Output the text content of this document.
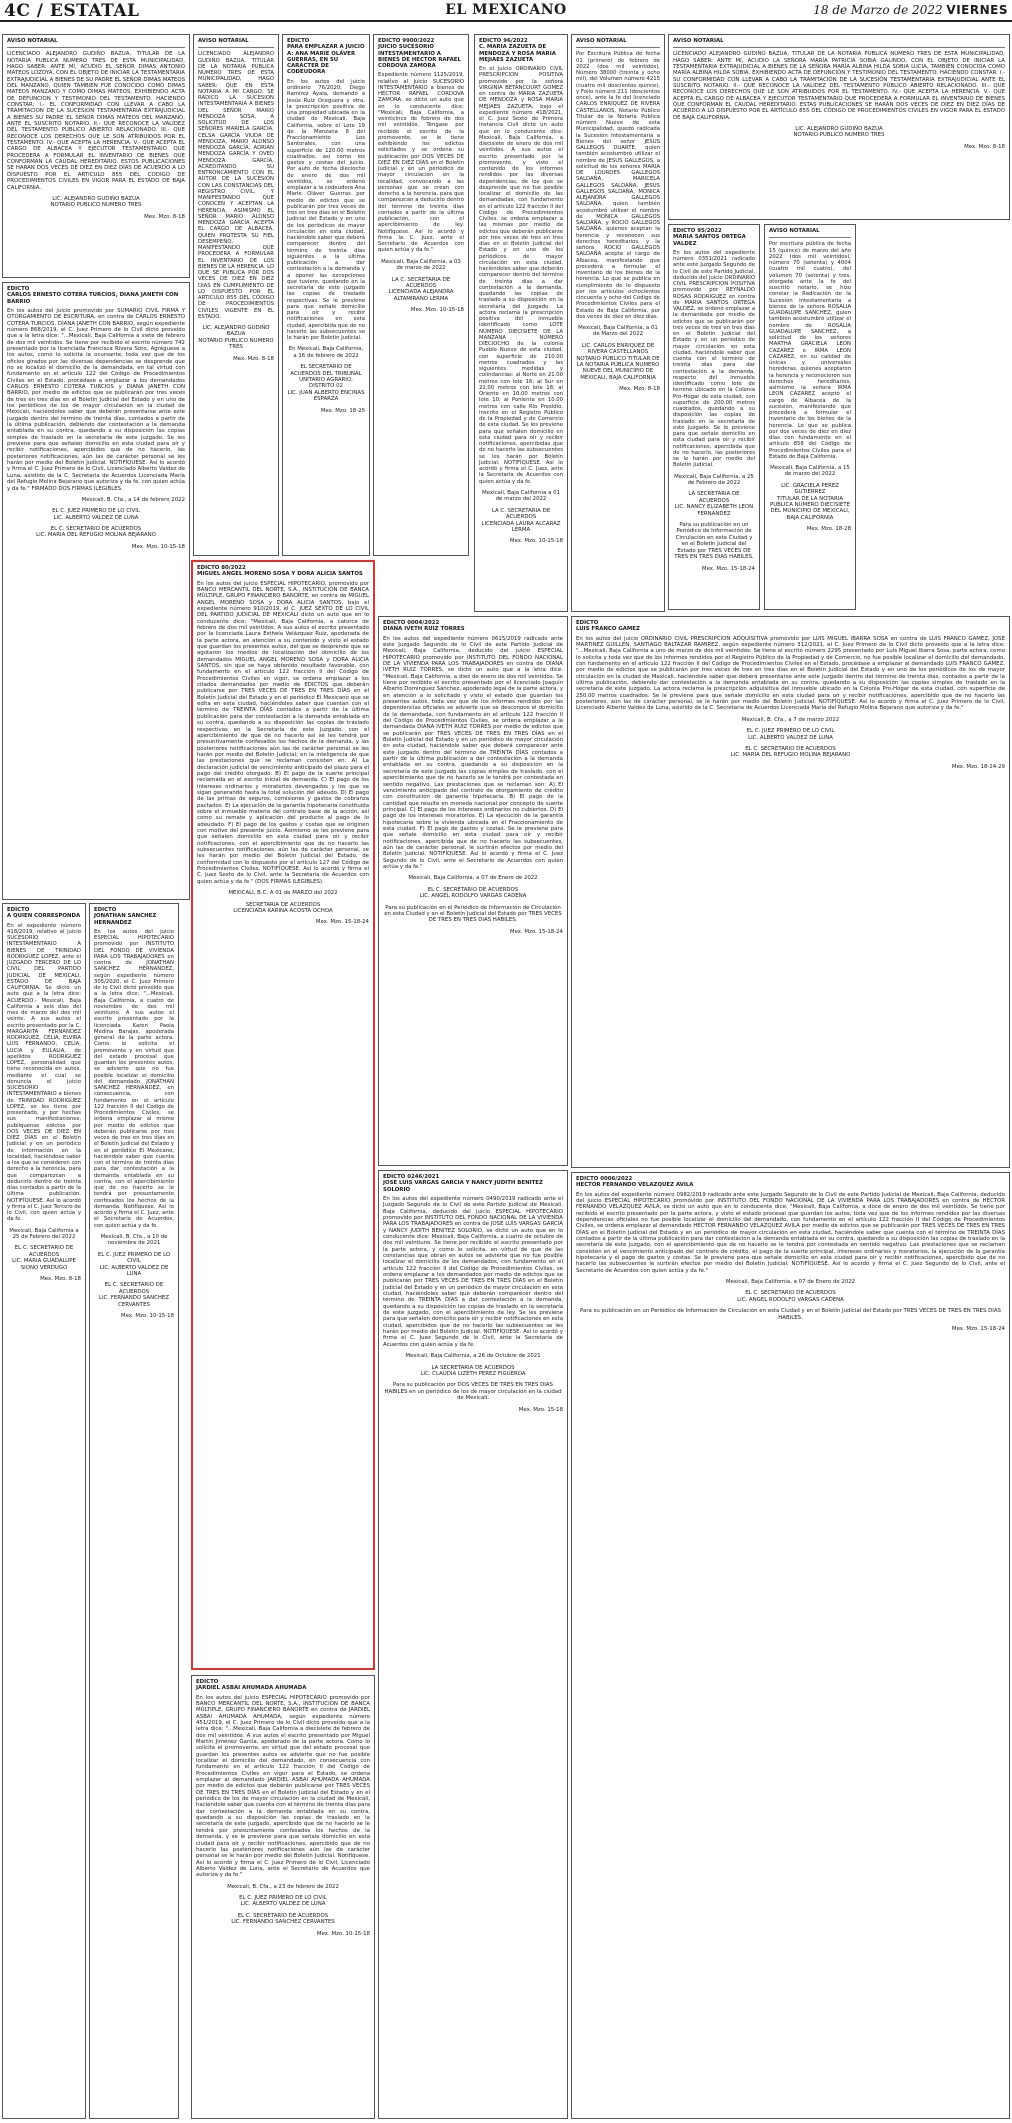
4C / ESTATAL	EL MEXICANO	18 de Marzo de 2022 VIERNES
AVISO NOTARIAL
LICENCIADO ALEJANDRO GUDIÑO BAZUA, TITULAR DE LA NOTARIA PUBLICA NUMERO TRES DE ESTA MUNICIPALIDAD, HAGO SABER: ANTE MI, ACUDIO EL SEÑOR DIMAS ANTONIO MATEOS LOZOYA, CON EL OBJETO DE INICIAR LA TESTAMENTARIA EXTRAJUDICIAL A BIENES DE SU PADRE EL SEÑOR DIMAS MATEOS DEL MANZANO, QUIEN TAMBIEN FUE CONOCIDO COMO DIMAS MATEOS MANZANO Y COMO DIMAS MATEOS, EXHIBIENDO ACTA DE DEFUNCION Y TESTIMONIO DEL TESTAMENTO. HACIENDO CONSTAR: I.- EL CONFORMIDAD CON LLEVAR A CABO LA TRAMITACION DE LA SUCESION TESTAMENTARIA EXTRAJUDICIAL A BIENES SU PADRE EL SEÑOR DIMAS MATEOS DEL MANZANO, ANTE EL SUSCRITO NOTARIO. II.- QUE RECONOCE LA VALIDEZ DEL TESTAMENTO PÚBLICO ABIERTO RELACIONADO. III.- QUE RECONOCE LOS DERECHOS QUE LE SON ATRIBUIDOS POR EL TESTAMENTO. IV.- QUE ACEPTA LA HERENCIA. V.- QUE ACEPTA EL CARGO DE ALBACEA Y EJECUTOR TESTAMENTARIO QUE PROCEDERA A FORMULAR EL INVENTARIO DE BIENES QUE CONFORMAN LA CAUDAL HEREDITARIO. ESTOS PUBLICACIONES SE HARAN DOS VECES DE DIEZ EN DIEZ DÍAS DE ACUERDO A LO DISPUESTO POR EL ARTICULO 855 DEL CODIGO DE PROCEDIMIENTOS CIVILES EN VIGOR PARA EL ESTADO DE BAJA CALIFORNIA.
LIC. ALEJANDRO GUDIÑO BAZUA
NOTARIO PUBLICO NUMERO TRES
Mex. Mzo. 8-18
EDICTO
CARLOS ERNESTO COTERA TURCIOS, DIANA JANETH CON BARRIO
En los autos del juicio promovido por SUMARIO CIVIL FIRMA Y OTORGAMIENTO DE ESCRITURA, en contra de CARLOS ERNESTO COTERA TURCIOS, DIANA JANETH CON BARRIO, según expediente número 868/2019, el C. Juez Primero de lo Civil dictó proveído que a la letra dice: "...Mexicali, Baja California a siete de febrero de dos mil veintidós. Se tiene por recibido el escrito número 742 presentado por la licenciada Francisca Rivera Soto, Agréguese a los autos, como lo solicita la ocursante, toda vez que de los oficios girados por las diversas dependencias se desprende que no se localizó el domicilio de la demandada, en tal virtud con fundamento en el artículo 122 del Código de Procedimientos Civiles en el Estado, procédase a emplazar a los demandados CARLOS ERNESTO COTERA TURCIOS y DIANA JANETH CON BARRIO, por medio de edictos que se publicarán por tres veces de tres en tres días en el Boletín Judicial del Estado y en uno de los periódicos de los de mayor circulación en la ciudad de Mexicali, haciéndoles saber que deberán presentarse ante este juzgado dentro del término de treinta días, contados a partir de la última publicación, debiendo dar contestación a la demanda entablada en su contra, quedando a su disposición las copias simples de traslado en la secretaria de este juzgado. Se les previene para que señalen domicilio en esta ciudad para oír y recibir notificaciones, apercibidos que de no hacerlo, las posteriores notificaciones, aún las de carácter personal se les harán por medio del Boletín Judicial. NOTIFÍQUESE. Así lo acordó y firma el C. Juez Primero de lo Civil, Licenciado Alberto Valdez de Luna, asistido de la C. Secretaria de Acuerdos Licenciada María del Refugio Molina Bejarano que autoriza y da fe, con quien actúa y da fe." FIRMADO DOS FIRMAS ILEGIBLES.
Mexicali, B. Cfa., a 14 de febrero 2022
EL C. JUEZ PRIMERO DE LO CIVIL
LIC. ALBERTO VALDEZ DE LUNA
EL C. SECRETARIO DE ACUERDOS
LIC. MARIA DEL REFUGIO MOLINA BEJARANO
Mex. Mzo. 10-15-18
EDICTO
A QUIEN CORRESPONDA
En el expediente número 418/2019, relativo al juicio SUCESORIO INTESTAMENTARIO A BIENES DE TRINIDAD RODRIGUEZ LOPEZ, ante el JUZGADO TERCERO DE LO CIVIL DEL PARTIDO JUDICIAL DE MEXICALI, ESTADO DE BAJA CALIFORNIA. Se dictó un auto que a la letra dice: ACUERDO.- Mexicali, Baja California a seis días del mes de marzo del dos mil veinte. A sus autos el escrito presentado por la C. MARGARITA FERNANDEZ RODRIGUEZ, CELIA, ELVIRA LUIS FERNANDO, CELIA, LUCIA y EULALIA, de apellidos RODRIGUEZ LOPEZ, personalidad que tiene reconocida en autos, mediante el cual se denuncia el juicio SUCESORIO INTESTAMENTARIO a bienes de TRINIDAD RODRIGUEZ LOPEZ, se les tiene por presentado, y por hechas sus manifestaciones, publíquense edictos por DOS VECES DE DIEZ EN DIEZ DÍAS en el Boletín Judicial y en un periódico de información en la localidad, haciéndose saber a los que se consideren con derecho a la herencia, para que comparezcan a deducirlo dentro de treinta días contados a partir de la última publicación. NOTIFÍQUESE. Así lo acordó y firma el C. Juez Tercero de lo Civil, con quien actúa y da fe.
Mexicali, Baja California a 25 de Febrero del 2022
EL C. SECRETARIO DE ACUERDOS
LIC. MARIA GUADALUPE SIONO VERDUGO
Mex. Mzo. 8-18
AVISO NOTARIAL
LICENCIADO ALEJANDRO GUDIÑO BAZUA, TITULAR DE LA NOTARIA PUBLICA NUMERO TRES DE ESTA MUNICIPALIDAD, HAGO SABER: QUE EN ESTA NOTARIA A MI CARGO, SE RADICO LA SUCESION INTESTAMENTARIA A BIENES DEL SEÑOR MARIO MENDOZA SOSA, A SOLICITUD DE LOS SEÑORES MARIELA GARCÍA, CELSA GARCÍA VIUDA DE MENDOZA, MARIO ALONSO MENDOZA GARCÍA, ADRIAN MENDOZA GARCÍA Y OVED MENDOZA GARCÍA, ACREDITANDO SU ENTRONCAMIENTO CON EL AUTOR DE LA SUCESIÓN CON LAS CONSTANCIAS DEL REGISTRO CIVIL, Y MANIFESTANDO QUE CONOCEN Y ACEPTAN LA HERENCIA, ASIMISMO EL SEÑOR MARIO ALONSO MENDOZA GARCÍA ACEPTA EL CARGO DE ALBACEA, QUIEN PROTESTA SU FIEL DESEMPEÑO, MANIFESTANDO QUE PROCEDERA A FORMULAR EL INVENTARIO DE LOS BIENES DE LA HERENCIA. LO QUE SE PUBLICA POR DOS VECES DE DIEZ EN DIEZ DIAS EN CUMPLIMIENTO DE LO DISPUESTO POR EL ARTICULO 855 DEL CÓDIGO DE PROCEDIMIENTOS CIVILES VIGENTE EN EL ESTADO.
LIC. ALEJANDRO GUDIÑO BAZUA
NOTARIO PUBLICO NUMERO TRES
Mex. Mzo. 8-18
EDICTO
JONATHAN SANCHEZ HERNANDEZ
En los autos del juicio ESPECIAL HIPOTECARIO promovido por INSTITUTO DEL FONDO DE VIVIENDA PARA LOS TRABAJADORES en contra de JONATHAN SANCHEZ HERNANDEZ, según expediente número 305/2020, el C. Juez Primero de lo Civil dictó proveído que a la letra dice: "...Mexicali, Baja California, a cuatro de noviembre de dos mil veintiuno. A sus autos el escrito presentado por la licenciada Karen Paola Medina Barajas, apoderada general de la parte actora. Como lo solicita el promovente y en virtud que del estado procesal que guardan los presentes autos, se advierte que no fue posible localizar el domicilio del demandado JONATHAN SANCHEZ HERNANDEZ, en consecuencia, con fundamento en el artículo 122 fracción II del Código de Procedimientos Civiles, se ordena emplazar al mismo por medio de edictos que deberán publicarse por tres veces de tres en tres días en el Boletín Judicial del Estado y en el periódico El Mexicano, haciéndole saber que cuenta con el término de treinta días para dar contestación a la demanda entablada en su contra, con el apercibimiento que de no hacerlo se le tendrá por presuntamente confesados los hechos de la demanda. Notifíquese. Así lo acordó y firma el C. Juez, ante el Secretario de Acuerdos, con quien actúa y da fe.
Mexicali, B. Cfa., a 10 de noviembre de 2021
EL C. JUEZ PRIMERO DE LO CIVIL
LIC. ALBERTO VALDEZ DE LUNA
EL C. SECRETARIO DE ACUERDOS
LIC. FERNANDO SANCHEZ CERVANTES
Mex. Mzo. 10-15-18
EDICTO
PARA EMPLAZAR A JUICIO A: ANA MARIE OLÁVER GUERRAS, EN SU CARÁCTER DE CODEUDORA
En los autos del juicio ordinario 76/2020, Diego Ramírez Ayala, demandó a Jesús Ruiz Oceguera y otra, la prescripción positiva de una propiedad ubicada en la ciudad de Mexicali, Baja California, sobre el Lote 19 de la Manzana 8 del Fraccionamiento Los Santorales, con una superficie de 120.00 metros cuadrados, así como los gastos y costas del juicio. Por auto de fecha dieciocho de enero de dos mil veintidós, se ordenó emplazar a la codeudora Ana Marie Oláver Guerras por medio de edictos que se publicarán por tres veces de tres en tres días en el Boletín Judicial del Estado y en uno de los periódicos de mayor circulación en esta ciudad, haciéndole saber que deberá comparecer dentro del término de treinta días siguientes a la última publicación a dar contestación a la demanda y a oponer las excepciones que tuviere, quedando en la secretaría de este juzgado las copias de traslado respectivas. Se le previene para que señale domicilio para oír y recibir notificaciones en esta ciudad, apercibida que de no hacerlo las subsecuentes se le harán por Boletín Judicial.
En Mexicali, Baja California, a 16 de febrero de 2022
EL SECRETARIO DE ACUERDOS DEL TRIBUNAL UNITARIO AGRARIO, DISTRITO 02
LIC. JUAN ALBERTO ENCINAS ESPARZA
Mex. Mzo. 18-25
EDICTO 9900/2022
JUICIO SUCESORIO INTESTAMENTARIO A BIENES DE HECTOR RAFAEL CORDOVA ZAMORA
Expediente número 1125/2019, relativo al juicio SUCESORIO INTESTAMENTARIO a bienes de HECTOR RAFAEL CORDOVA ZAMORA, se dictó un auto que en lo conducente dice: "Mexicali, Baja California, a veinticinco de febrero de dos mil veintidós. Téngase por recibido el escrito de la promovente, se le tiene exhibiendo los edictos solicitados y se ordena su publicación por DOS VECES DE DIEZ EN DIEZ DÍAS en el Boletín Judicial y en un periódico de mayor circulación en la localidad, convocando a las personas que se crean con derecho a la herencia, para que comparezcan a deducirlo dentro del término de treinta días contados a partir de la última publicación, con el apercibimiento de ley. Notifíquese. Así lo acordó y firma la C. Juez, ante el Secretario de Acuerdos con quien actúa y da fe."
Mexicali, Baja California, a 03 de marzo de 2022
LA C. SECRETARIA DE ACUERDOS
LICENCIADA ALEJANDRA ALTAMIRANO LERMA
Mex. Mzo. 10-15-18
EDICTO 80/2022
MIGUEL ANGEL MORENO SOSA Y DORA ALICIA SANTOS
En los autos del juicio ESPECIAL HIPOTECARIO, promovido por BANCO MERCANTIL DEL NORTE, S.A., INSTITUCIÓN DE BANCA MÚLTIPLE, GRUPO FINANCIERO BANORTE, en contra de MIGUEL ANGEL MORENO SOSA y DORA ALICIA SANTOS, bajo el expediente número 910/2019, el C. JUEZ SEXTO DE LO CIVIL DEL PARTIDO JUDICIAL DE MEXICALI dictó un auto que en lo conducente dice: "Mexicali, Baja California, a catorce de febrero de dos mil veintidós. A sus autos el escrito presentado por la licenciada Laura Esthela Velázquez Ruiz, apoderada de la parte actora, en atención a su contenido y visto el estado que guardan los presentes autos, del que se desprende que se agotaron los medios de localización del domicilio de los demandados MIGUEL ANGEL MORENO SOSA y DORA ALICIA SANTOS, sin que se haya obtenido resultado favorable, con fundamento en el artículo 122 fracción II del Código de Procedimientos Civiles en vigor, se ordena emplazar a los citados demandados por medio de EDICTOS que deberán publicarse por TRES VECES DE TRES EN TRES DÍAS en el Boletín Judicial del Estado y en el periódico El Mexicano que se edita en esta ciudad, haciéndoles saber que cuentan con el término de TREINTA DÍAS contados a partir de la última publicación para dar contestación a la demanda entablada en su contra, quedando a su disposición las copias de traslado respectivas en la Secretaría de este Juzgado, con el apercibimiento de que de no hacerlo así se les tendrá por presuntivamente confesados los hechos de la demanda, y las posteriores notificaciones aún las de carácter personal se les harán por medio del Boletín Judicial; en la inteligencia de que las prestaciones que se reclaman consisten en: A) La declaración judicial de vencimiento anticipado del plazo para el pago del crédito otorgado. B) El pago de la suerte principal reclamada en el escrito inicial de demanda. C) El pago de los intereses ordinarios y moratorios devengados y los que se sigan generando hasta la total solución del adeudo. D) El pago de las primas de seguros, comisiones y gastos de cobranza pactados. E) La ejecución de la garantía hipotecaria constituida sobre el inmueble materia del contrato base de la acción, así como su remate y aplicación del producto al pago de lo adeudado. F) El pago de los gastos y costas que se originen con motivo del presente juicio. Asimismo se les previene para que señalen domicilio en esta ciudad para oír y recibir notificaciones, con el apercibimiento que de no hacerlo las subsecuentes notificaciones, aún las de carácter personal, se les harán por medio del Boletín Judicial del Estado, de conformidad con lo dispuesto por el artículo 127 del Código de Procedimientos Civiles. NOTIFÍQUESE. Así lo acordó y firma el C. Juez Sexto de lo Civil, ante la Secretaria de Acuerdos con quien actúa y da fe." (DOS FIRMAS ILEGIBLES).
MEXICALI, B.C. A 01 de MARZO del 2022
SECRETARIA DE ACUERDOS
LICENCIADA KARINA ACOSTA OCHOA
Mex. Mzo. 15-18-24
EDICTO
JARDIEL ASBAI AHUMADA AHUMADA
En los autos del juicio ESPECIAL HIPOTECARIO promovido por BANCO MERCANTIL DEL NORTE, S.A., INSTITUCIÓN DE BANCA MÚLTIPLE, GRUPO FINANCIERO BANORTE en contra de JARDIEL ASBAI AHUMADA AHUMADA, según expediente número 451/2019, el C. Juez Primero de lo Civil dictó proveído que a la letra dice: "...Mexicali, Baja California a diecisiete de febrero de dos mil veintidós. A sus autos el escrito presentado por Miguel Martín Jiménez García, apoderado de la parte actora. Como lo solicita el promovente, en virtud que del estado procesal que guardan los presentes autos se advierte que no fue posible localizar el domicilio del demandado, en consecuencia con fundamento en el artículo 122 fracción II del Código de Procedimientos Civiles en vigor para el Estado, se ordena emplazar al demandado JARDIEL ASBAI AHUMADA AHUMADA por medio de edictos que deberán publicarse por TRES VECES DE TRES EN TRES DÍAS en el Boletín Judicial del Estado y en el periódico de los de mayor circulación en la ciudad de Mexicali, haciéndole saber que cuenta con el término de treinta días para dar contestación a la demanda entablada en su contra, quedando a su disposición las copias de traslado en la secretaría de este juzgado, apercibido que de no hacerlo se le tendrá por presuntamente confesados los hechos de la demanda, y se le previene para que señale domicilio en esta ciudad para oír y recibir notificaciones, apercibido que de no hacerlo las posteriores notificaciones aún las de carácter personal se le harán por medio del Boletín Judicial. Notifíquese. Así lo acordó y firma el C. Juez Primero de lo Civil, Licenciado Alberto Valdez de Luna, ante el Secretario de Acuerdos que autoriza y da fe."
Mexicali, B. Cfa., a 23 de febrero de 2022
EL C. JUEZ PRIMERO DE LO CIVIL
LIC. ALBERTO VALDEZ DE LUNA
EL C. SECRETARIO DE ACUERDOS
LIC. FERNANDO SANCHEZ CERVANTES
Mex. Mzo. 10-15-18
EDICTO 96/2022
C. MARIA ZAZUETA DE MENDOZA Y ROSA MARIA MEJIAES ZAZUETA
En el juicio ORDINARIO CIVIL PRESCRIPCION POSITIVA promovido por la señora VIRGINIA BETANCOURT GOMEZ en contra de MARIA ZAZUETA DE MENDOZA y ROSA MARIA MEJIAES ZAZUETA, bajo el expediente número 418/2021, el C. Juez Sexto de Primera Instancia Civil dictó un auto que en lo conducente dice: Mexicali, Baja California, a diecisiete de enero de dos mil veintidós. A sus autos el escrito presentado por la promovente, y visto el contenido de los informes rendidos por las diversas dependencias, de los que se desprende que no fue posible localizar el domicilio de las demandadas, con fundamento en el artículo 122 fracción II del Código de Procedimientos Civiles, se ordena emplazar a las mismas por medio de edictos que deberán publicarse por tres veces de tres en tres días en el Boletín Judicial del Estado y en uno de los periódicos de mayor circulación en esta ciudad, haciéndoles saber que deberán comparecer dentro del término de treinta días a dar contestación a la demanda, quedando las copias de traslado a su disposición en la secretaría del juzgado. La actora reclama la prescripción positiva del inmueble identificado como LOTE NÚMERO DIECISIETE DE LA MANZANA NÚMERO DIECIOCHO de la colonia Pueblo Nuevo de esta ciudad, con superficie de 210.00 metros cuadrados y las siguientes medidas y colindancias: al Norte en 21.00 metros con lote 16; al Sur en 21.00 metros con lote 18; al Oriente en 10.00 metros con lote 10; al Poniente en 10.00 metros con calle Río Presidio, inscrito en el Registro Público de la Propiedad y de Comercio de esta ciudad. Se les previene para que señalen domicilio en esta ciudad para oír y recibir notificaciones, apercibidas que de no hacerlo las subsecuentes se les harán por Boletín Judicial. NOTIFÍQUESE. Así lo acordó y firma el C. Juez, ante la Secretaria de Acuerdos con quien actúa y da fe.
Mexicali, Baja California a 01 de marzo del 2022
LA C. SECRETARIA DE ACUERDOS
LICENCIADA LAURA ALCARAZ LERMA
Mex. Mzo. 10-15-18
EDICTO 0004/2022
DIANA IVETH RUIZ TORRES
En los autos del expediente número 0615/2019 radicado ante este Juzgado Segundo de lo Civil de este Partido Judicial de Mexicali, Baja California, deducido del juicio ESPECIAL HIPOTECARIO promovido por INSTITUTO DEL FONDO NACIONAL DE LA VIVIENDA PARA LOS TRABAJADORES en contra de DIANA IVETH RUIZ TORRES, se dictó un auto que a la letra dice: "Mexicali, Baja California, a diez de enero de dos mil veintidós. Se tiene por recibido el escrito presentado por el licenciado Joaquín Alberto Domínguez Sánchez, apoderado legal de la parte actora, y en atención a lo solicitado y visto el estado que guardan los presentes autos, toda vez que de los informes rendidos por las dependencias oficiales se advierte que se desconoce el domicilio de la demandada, con fundamento en el artículo 122 fracción II del Código de Procedimientos Civiles, se ordena emplazar a la demandada DIANA IVETH RUIZ TORRES por medio de edictos que se publicarán por TRES VECES DE TRES EN TRES DÍAS en el Boletín Judicial del Estado y en un periódico de mayor circulación en esta ciudad, haciéndole saber que deberá comparecer ante este juzgado dentro del término de TREINTA DÍAS contados a partir de la última publicación a dar contestación a la demanda entablada en su contra, quedando a su disposición en la secretaría de este juzgado las copias simples de traslado, con el apercibimiento que de no hacerlo se le tendrá por contestada en sentido negativo. Las prestaciones que se reclaman son: A) El vencimiento anticipado del contrato de otorgamiento de crédito con constitución de garantía hipotecaria. B) El pago de la cantidad que resulte en moneda nacional por concepto de suerte principal. C) El pago de los intereses ordinarios no cubiertos. D) El pago de los intereses moratorios. E) La ejecución de la garantía hipotecaria sobre la vivienda ubicada en el Fraccionamiento de esta ciudad. F) El pago de gastos y costas. Se le previene para que señale domicilio en esta ciudad para oír y recibir notificaciones, apercibida que de no hacerlo las subsecuentes, aún las de carácter personal, le surtirán efectos por medio del Boletín Judicial. NOTIFÍQUESE. Así lo acordó y firma el C. Juez Segundo de lo Civil, ante el Secretario de Acuerdos con quien actúa y da fe."
Mexicali, Baja California, a 07 de Enero de 2022
EL C. SECRETARIO DE ACUERDOS
LIC. ANGEL RODOLFO VARGAS CADENA
Para su publicación en el Periódico de Información de Circulación en esta Ciudad y en el Boletín Judicial del Estado por TRES VECES DE TRES EN TRES DIAS HABILES.
Mex. Mzo. 15-18-24
EDICTO 0246/2021
JOSE LUIS VARGAS GARCIA Y NANCY JUDITH BENITEZ SOLORIO
En los autos del expediente número 0490/2019 radicado ante el Juzgado Segundo de lo Civil de este Partido Judicial de Mexicali, Baja California, deducido del juicio ESPECIAL HIPOTECARIO promovido por INSTITUTO DEL FONDO NACIONAL DE LA VIVIENDA PARA LOS TRABAJADORES en contra de JOSE LUIS VARGAS GARCIA y NANCY JUDITH BENITEZ SOLORIO, se dictó un auto que en lo conducente dice: Mexicali, Baja California, a cuatro de octubre de dos mil veintiuno. Se tiene por recibido el escrito presentado por la parte actora, y como lo solicita, en virtud de que de las constancias que obran en autos se advierte que no fue posible localizar el domicilio de los demandados, con fundamento en el artículo 122 fracción II del Código de Procedimientos Civiles, se ordena emplazar a los demandados por medio de edictos que se publicarán por TRES VECES DE TRES EN TRES DÍAS en el Boletín Judicial del Estado y en un periódico de mayor circulación en esta ciudad, haciéndoles saber que deberán comparecer dentro del término de TREINTA DÍAS a dar contestación a la demanda, quedando a su disposición las copias de traslado en la secretaría de este juzgado, con el apercibimiento de ley. Se les previene para que señalen domicilio para oír y recibir notificaciones en esta ciudad, apercibidos que de no hacerlo las subsecuentes se les harán por medio del Boletín Judicial. NOTIFÍQUESE. Así lo acordó y firma el C. Juez Segundo de lo Civil, ante la Secretaria de Acuerdos con quien actúa y da fe.
Mexicali, Baja California, a 26 de Octubre de 2021
LA SECRETARIA DE ACUERDOS
LIC. CLAUDIA LIZETH PEREZ FIGUEROA
Para su publicación por DOS VECES DE TRES EN TRES DIAS HABILES en un periódico de los de mayor circulación en la ciudad de Mexicali.
Mex. Mzo. 15-18
AVISO NOTARIAL
Por Escritura Pública de fecha 01 (primero) de febrero de 2022 (dos mil veintidós), Número 38000 (treinta y ocho mil), del Volumen número 4215 (cuatro mil doscientos quince), y Folio número 211 (doscientos once), ante la fe del licenciado CARLOS ENRIQUEZ DE RIVERA CASTELLANOS, Notario Público Titular de la Notaría Pública número Nueve de esta Municipalidad, quedó radicada la Sucesión Intestamentaria a Bienes del señor JESUS GALLEGOS DUARTE, quien también acostumbró utilizar el nombre de JESUS GALLEGOS, a solicitud de los señores MARIA DE LOURDES GALLEGOS SALDAÑA, MARICELA GALLEGOS SALDAÑA, JESUS GALLEGOS SALDAÑA, MONICA ALEJANDRA GALLEGOS SALDAÑA, quien también acostumbró utilizar el nombre de MONICA GALLEGOS SALDAÑA, y ROCIO GALLEGOS SALDAÑA, quienes aceptan la herencia y reconocen sus derechos hereditarios, y la señora ROCIO GALLEGOS SALDAÑA acepta el cargo de Albacea, manifestando que procederá a formular el inventario de los bienes de la herencia. Lo que se publica en cumplimiento de lo dispuesto por los artículos ochocientos cincuenta y ocho del Código de Procedimientos Civiles para el Estado de Baja California, por dos veces de diez en diez días.
Mexicali, Baja California, a 01 de Marzo del 2022
LIC. CARLOS ENRIQUEZ DE RIVERA CASTELLANOS
NOTARIO PÚBLICO TITULAR DE LA NOTARIA PÚBLICA NUMERO NUEVE DEL MUNICIPIO DE MEXICALI, BAJA CALIFORNIA
Mex. Mzo. 8-18
AVISO NOTARIAL
LICENCIADO ALEJANDRO GUDIÑO BAZUA, TITULAR DE LA NOTARIA PUBLICA NUMERO TRES DE ESTA MUNICIPALIDAD, HAGO SABER: ANTE MI, ACUDIO LA SEÑORA MARÍA PATRICIA SOBIA GALINDO, CON EL OBJETO DE INICIAR LA TESTAMENTARIA EXTRAJUDICIAL A BIENES DE LA SEÑORA MARÍA ALBINA HILDA SOBIA LUCIA, TAMBIÉN CONOCIDA COMO MARÍA ALBINA HILDA SOBIA, EXHIBIENDO ACTA DE DEFUNCIÓN Y TESTIMONIO DEL TESTAMENTO. HACIENDO CONSTAR: I.- SU CONFORMIDAD CON LLEVAR A CABO LA TRAMITACIÓN DE LA SUCESIÓN TESTAMENTARIA EXTRAJUDICIAL ANTE EL SUSCRITO NOTARIO. II.- QUE RECONOCE LA VALIDEZ DEL TESTAMENTO PÚBLICO ABIERTO RELACIONADO. III.- QUE RECONOCE LOS DERECHOS QUE LE SON ATRIBUIDOS POR EL TESTAMENTO. IV.- QUE ACEPTA LA HERENCIA. V.- QUE ACEPTA EL CARGO DE ALBACEA Y EJECUTOR TESTAMENTARIO QUE PROCEDERÁ A FORMULAR EL INVENTARIO DE BIENES QUE CONFORMAN EL CAUDAL HEREDITARIO. ESTAS PUBLICACIONES SE HARÁN DOS VECES DE DIEZ EN DIEZ DÍAS DE ACUERDO A LO DISPUESTO POR EL ARTÍCULO 855 DEL CÓDIGO DE PROCEDIMIENTOS CIVILES EN VIGOR PARA EL ESTADO DE BAJA CALIFORNIA.
LIC. ALEJANDRO GUDIÑO BAZUA
NOTARIO PUBLICO NUMERO TRES
Mex. Mzo. 8-18
EDICTO 95/2022
MARIA SANTOS ORTEGA VALDEZ
En los autos del expediente número 0351/2021 radicado ante este Juzgado Segundo de lo Civil de este Partido Judicial, deducido del juicio ORDINARIO CIVIL PRESCRIPCION POSITIVA promovido por REYNALDO ROSAS RODRIGUEZ en contra de MARIA SANTOS ORTEGA VALDEZ, se ordenó emplazar a la demandada por medio de edictos que se publicarán por tres veces de tres en tres días en el Boletín Judicial del Estado y en un periódico de mayor circulación en esta ciudad, haciéndole saber que cuenta con el término de treinta días para dar contestación a la demanda, respecto del inmueble identificado como lote de terreno ubicado en la Colonia Pro-Hogar de esta ciudad, con superficie de 200.00 metros cuadrados, quedando a su disposición las copias de traslado en la secretaría de este juzgado. Se le previene para que señale domicilio en esta ciudad para oír y recibir notificaciones, apercibida que de no hacerlo, las posteriores se le harán por medio del Boletín Judicial.
Mexicali, Baja California, a 25 de Febrero de 2022
LA SECRETARIA DE ACUERDOS
LIC. NANCY ELIZABETH LEON FERNANDEZ
Para su publicación en un Periódico de Información de Circulación en esta Ciudad y en el Boletín Judicial del Estado por TRES VECES DE TRES EN TRES DIAS HABILES.
Mex. Mzo. 15-18-24
AVISO NOTARIAL
Por escritura pública de fecha 15 (quince) de marzo del año 2022 (dos mil veintidós), número 70 (setenta) y 4004 (cuatro mil cuatro), del volumen 70 (setenta) y tres, otorgada ante la fe del suscrito notario, se hizo constar la Radicación de la Sucesión Intestamentaria a bienes de la señora ROSALIA GUADALUPE SANCHEZ, quien también acostumbró utilizar el nombre de ROSALIA GUADALUPE SANCHEZ, a solicitud de los señores MARTHA GRACIELA LEON CAZAREZ e IRMA LEON CAZAREZ, en su calidad de únicas y universales herederas, quienes aceptaron la herencia y reconocieron sus derechos hereditarios, asimismo la señora IRMA LEON CAZAREZ aceptó el cargo de Albacea de la sucesión, manifestando que procederá a formular el inventario de los bienes de la herencia. Lo que se publica por dos veces de diez en diez días con fundamento en el artículo 858 del Código de Procedimientos Civiles para el Estado de Baja California.
Mexicali, Baja California, a 15 de marzo del 2022
LIC. GRACIELA PEREZ GUTIERREZ
TITULAR DE LA NOTARIA PUBLICA NUMERO DIECISIETE DEL MUNICIPIO DE MEXICALI, BAJA CALIFORNIA
Mex. Mzo. 18-28
EDICTO
LUIS FRANCO GAMEZ
En los autos del juicio ORDINARIO CIVIL PRESCRIPCION ADQUISITIVA promovido por LUIS MIGUEL IBARRA SOSA en contra de LUIS FRANCO GAMEZ, JOSE MARTINEZ GUILLEN, SANTIAGO BALTAZAR RAMIREZ, según expediente número 312/2021, el C. Juez Primero de lo Civil dictó proveído que a la letra dice: "...Mexicali, Baja California a uno de marzo de dos mil veintidós. Se tiene el escrito número 2295 presentado por Luis Miguel Ibarra Sosa, parte actora, como lo solicita y toda vez que de los informes rendidos por el Registro Público de la Propiedad y de Comercio, no fue posible localizar el domicilio del demandado, con fundamento en el artículo 122 fracción II del Código de Procedimientos Civiles en el Estado, procédase a emplazar al demandado LUIS FRANCO GAMEZ, por medio de edictos que se publicarán por tres veces de tres en tres días en el Boletín Judicial del Estado y en uno de los periódicos de los de mayor circulación en la ciudad de Mexicali, haciéndole saber que deberá presentarse ante este juzgado dentro del término de treinta días, contados a partir de la última publicación, debiendo dar contestación a la demanda entablada en su contra, quedando a su disposición las copias simples de traslado en la secretaría de este juzgado. La actora reclama la prescripción adquisitiva del inmueble ubicado en la Colonia Pro-Hogar de esta ciudad, con superficie de 250.00 metros cuadrados. Se le previene para que señale domicilio en esta ciudad para oír y recibir notificaciones, apercibido que de no hacerlo las posteriores, aún las de carácter personal, se le harán por medio del Boletín Judicial. NOTIFÍQUESE. Así lo acordó y firma el C. Juez Primero de lo Civil, Licenciado Alberto Valdez de Luna, asistido de la C. Secretaria de Acuerdos Licenciada María del Refugio Molina Bejarano que autoriza y da fe."
Mexicali, B. Cfa., a 7 de marzo 2022
EL C. JUEZ PRIMERO DE LO CIVIL
LIC. ALBERTO VALDEZ DE LUNA
EL C. SECRETARIO DE ACUERDOS
LIC. MARIA DEL REFUGIO MOLINA BEJARANO
Mex. Mzo. 18-24-29
EDICTO 0006/2022
HECTOR FERNANDO VELAZQUEZ AVILA
En los autos del expediente número 0982/2019 radicado ante este Juzgado Segundo de lo Civil de este Partido Judicial de Mexicali, Baja California, deducido del juicio ESPECIAL HIPOTECARIO promovido por INSTITUTO DEL FONDO NACIONAL DE LA VIVIENDA PARA LOS TRABAJADORES en contra de HECTOR FERNANDO VELAZQUEZ AVILA, se dictó un auto que en lo conducente dice: "Mexicali, Baja California, a doce de enero de dos mil veintidós. Se tiene por recibido el escrito presentado por la parte actora, y visto el estado procesal que guardan los autos, toda vez que de los informes rendidos por las diversas dependencias oficiales no fue posible localizar el domicilio del demandado, con fundamento en el artículo 122 fracción II del Código de Procedimientos Civiles, se ordena emplazar al demandado HECTOR FERNANDO VELAZQUEZ AVILA por medio de edictos que se publicarán por TRES VECES DE TRES EN TRES DÍAS en el Boletín Judicial del Estado y en un periódico de mayor circulación en esta ciudad, haciéndole saber que cuenta con el término de TREINTA DÍAS contados a partir de la última publicación para dar contestación a la demanda entablada en su contra, quedando a su disposición las copias de traslado en la secretaría de este juzgado, con el apercibimiento que de no hacerlo se le tendrá por contestada en sentido negativo. Las prestaciones que se reclaman consisten en el vencimiento anticipado del contrato de crédito, el pago de la suerte principal, intereses ordinarios y moratorios, la ejecución de la garantía hipotecaria y el pago de gastos y costas. Se le previene para que señale domicilio en esta ciudad para oír y recibir notificaciones, apercibido que de no hacerlo las subsecuentes le surtirán efectos por medio del Boletín Judicial. NOTIFÍQUESE. Así lo acordó y firma el C. Juez Segundo de lo Civil, ante el Secretario de Acuerdos con quien actúa y da fe."
Mexicali, Baja California, a 07 de Enero de 2022
EL C. SECRETARIO DE ACUERDOS
LIC. ANGEL RODOLFO VARGAS CADENA
Para su publicación en un Periódico de Información de Circulación en esta Ciudad y en el Boletín Judicial del Estado por TRES VECES DE TRES EN TRES DIAS HABILES.
Mex. Mzo. 15-18-24
